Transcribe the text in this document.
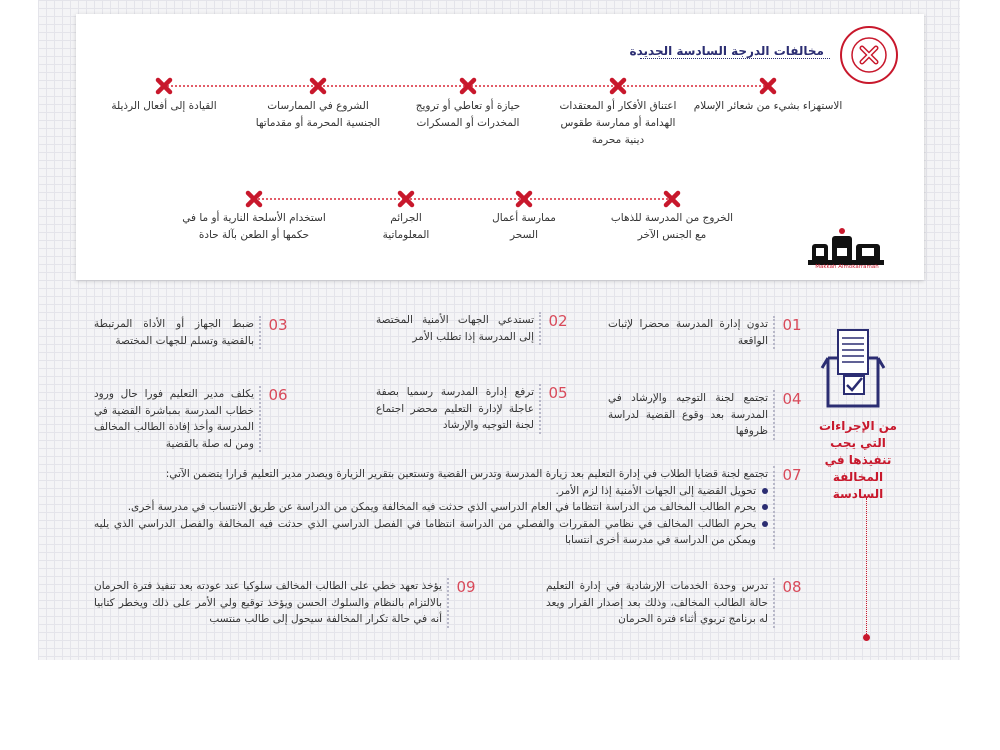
مخالفات الدرجة السادسة الجديدة
الاستهزاء بشيء من شعائر الإسلام
اعتناق الأفكار أو المعتقدات الهدامة أو ممارسة طقوس دينية محرمة
حيازة أو تعاطي أو ترويج المخدرات أو المسكرات
الشروع في الممارسات الجنسية المحرمة أو مقدماتها
القيادة إلى أفعال الرذيلة
الخروج من المدرسة للذهاب مع الجنس الآخر
ممارسة أعمال السحر
الجرائم المعلوماتية
استخدام الأسلحة النارية أو ما في حكمها أو الطعن بآلة حادة
Makkah Almokarramah
من الإجراءات التي يجب تنفيذها في المخالفة السادسة
01
تدون إدارة المدرسة محضرا لإثبات الواقعة
02
تستدعي الجهات الأمنية المختصة إلى المدرسة إذا تطلب الأمر
03
ضبط الجهاز أو الأداة المرتبطة بالقضية وتسلم للجهات المختصة
04
تجتمع لجنة التوجيه والإرشاد في المدرسة بعد وقوع القضية لدراسة ظروفها
05
ترفع إدارة المدرسة رسميا بصفة عاجلة لإدارة التعليم محضر اجتماع لجنة التوجيه والإرشاد
06
يكلف مدير التعليم فورا حال ورود خطاب المدرسة بمباشرة القضية في المدرسة وأخذ إفادة الطالب المخالف ومن له صلة بالقضية
07
تجتمع لجنة قضايا الطلاب في إدارة التعليم بعد زيارة المدرسة وتدرس القضية وتستعين بتقرير الزيارة ويصدر مدير التعليم قرارا يتضمن الآتي:
تحويل القضية إلى الجهات الأمنية إذا لزم الأمر.
يحرم الطالب المخالف من الدراسة انتظاما في العام الدراسي الذي حدثت فيه المخالفة ويمكن من الدراسة عن طريق الانتساب في مدرسة أخرى.
يحرم الطالب المخالف في نظامي المقررات والفصلي من الدراسة انتظاما في الفصل الدراسي الذي حدثت فيه المخالفة والفصل الدراسي الذي يليه ويمكن من الدراسة في مدرسة أخرى انتسابا
08
تدرس وحدة الخدمات الإرشادية في إدارة التعليم حالة الطالب المخالف، وذلك بعد إصدار القرار ويعد له برنامج تربوي أثناء فترة الحرمان
09
يؤخذ تعهد خطي على الطالب المخالف سلوكيا عند عودته بعد تنفيذ فترة الحرمان بالالتزام بالنظام والسلوك الحسن ويؤخذ توقيع ولي الأمر على ذلك ويخطر كتابيا أنه في حالة تكرار المخالفة سيحول إلى طالب منتسب
